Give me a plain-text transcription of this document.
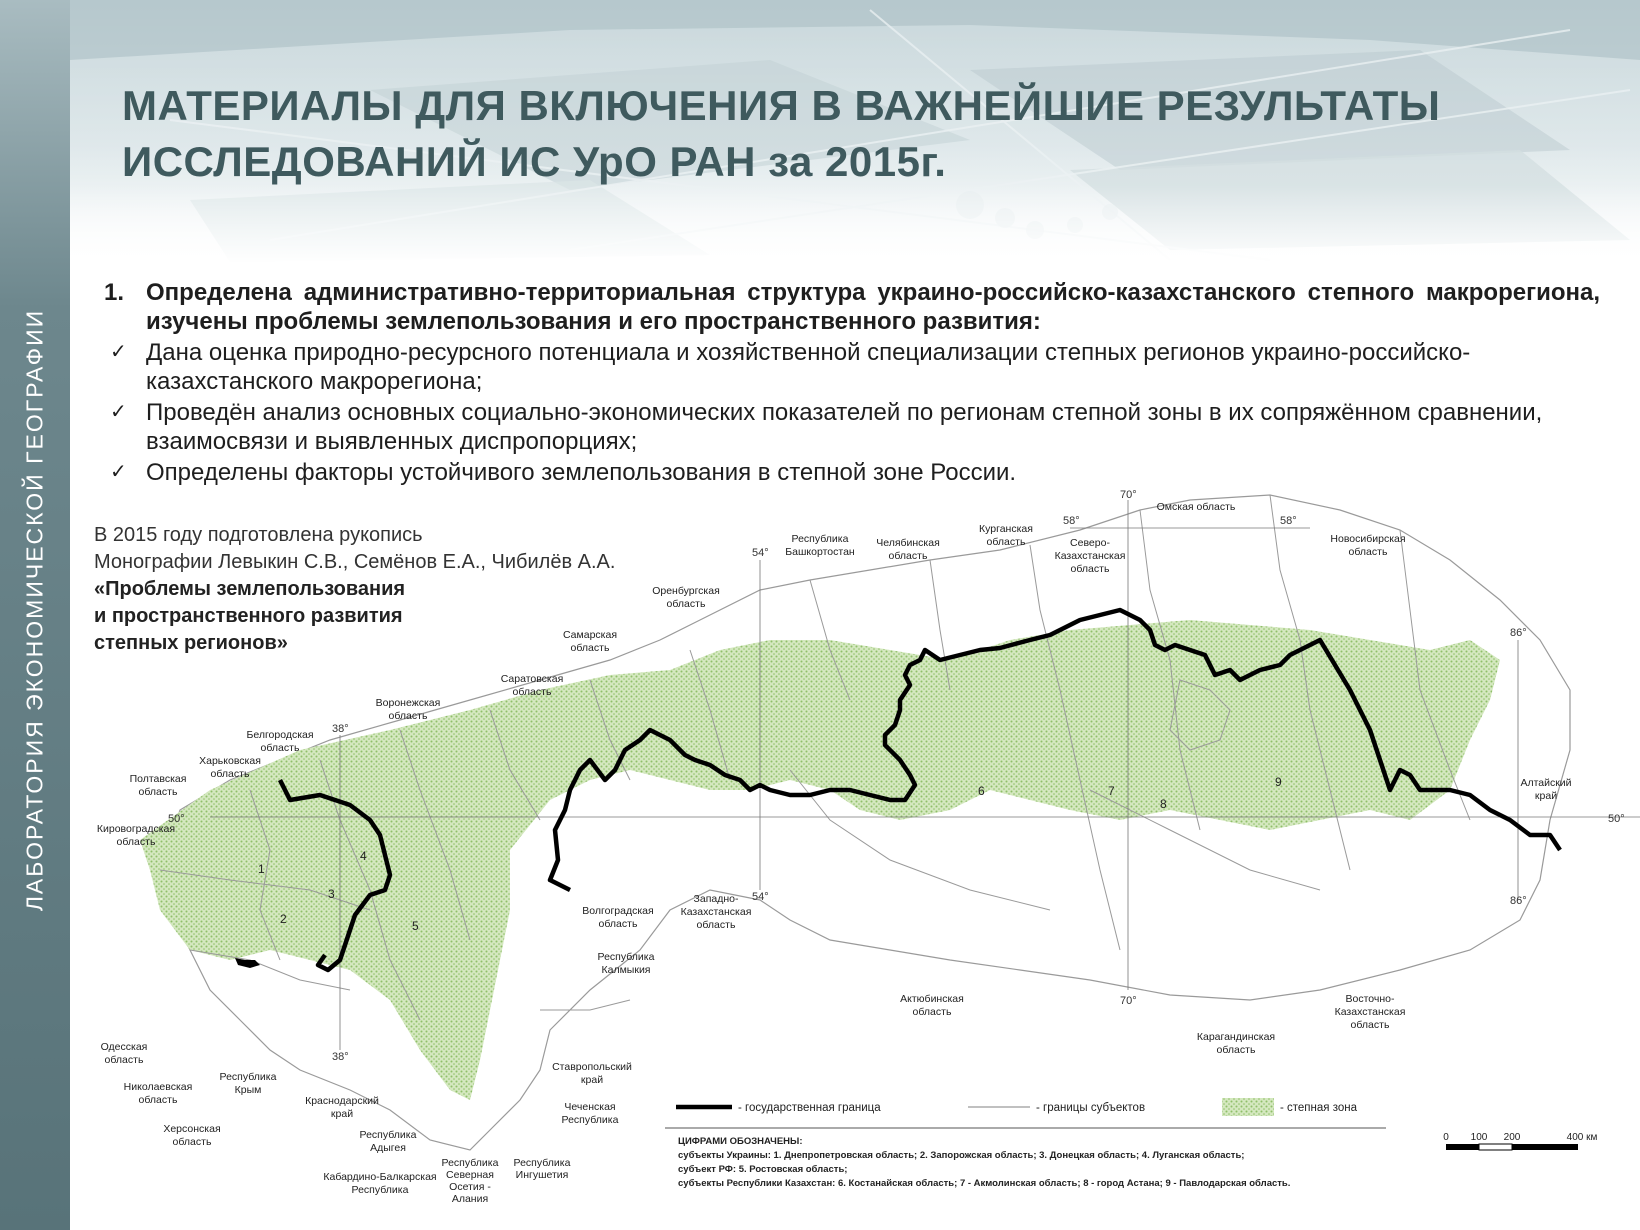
ЛАБОРАТОРИЯ ЭКОНОМИЧЕСКОЙ ГЕОГРАФИИ
МАТЕРИАЛЫ ДЛЯ ВКЛЮЧЕНИЯ В ВАЖНЕЙШИЕ РЕЗУЛЬТАТЫ
ИССЛЕДОВАНИЙ ИС УрО РАН за 2015г.
1. Определена административно-территориальная структура украино-российско-казахстанского степного макрорегиона, изучены проблемы землепользования и его пространственного развития:
✓ Дана оценка природно-ресурсного потенциала и хозяйственной специализации степных регионов украино-российско-казахстанского макрорегиона;
✓ Проведён анализ основных социально-экономических показателей по регионам степной зоны в их сопряжённом сравнении, взаимосвязи и выявленных диспропорциях;
✓ Определены факторы устойчивого землепользования в степной зоне России.
70°
70°
58°	58°
54°
54°
38°
38°
50°	50°
86°
86°
1
2
3
4
5
6	7
8
9
Омская область
Новосибирская область
Республика Башкортостан
Челябинская область
Курганская область	Северо-Казахстанская область
Оренбургская область
Самарская область
Саратовская область
Воронежская область
Белгородская область
Харьковская область
Полтавская область
Кировоградская область
Волгоградская область
Западно-Казахстанская область
Республика Калмыкия
Актюбинская область
Карагандинская область
Восточно-Казахстанская область
Алтайский край
Одесская область
Николаевская область
Херсонская область
Республика Крым
Краснодарский край
Республика Адыгея
Кабардино-Балкарская Республика
Республика Северная Осетия -Алания
Республика Ингушетия
Ставропольский край
Чеченская Республика
- государственная граница	- границы субъектов	- степная зона
ЦИФРАМИ ОБОЗНАЧЕНЫ:
субъекты Украины: 1. Днепропетровская область; 2. Запорожская область; 3. Донецкая область; 4. Луганская область;
субъект РФ: 5. Ростовская область;
субъекты Республики Казахстан: 6. Костанайская область; 7 - Акмолинская область; 8 - город Астана; 9 - Павлодарская область.
0 100 200	400 км
В 2015 году подготовлена рукопись
Монографии Левыкин С.В., Семёнов Е.А., Чибилёв А.А.
«Проблемы землепользования
и пространственного развития
степных регионов»
